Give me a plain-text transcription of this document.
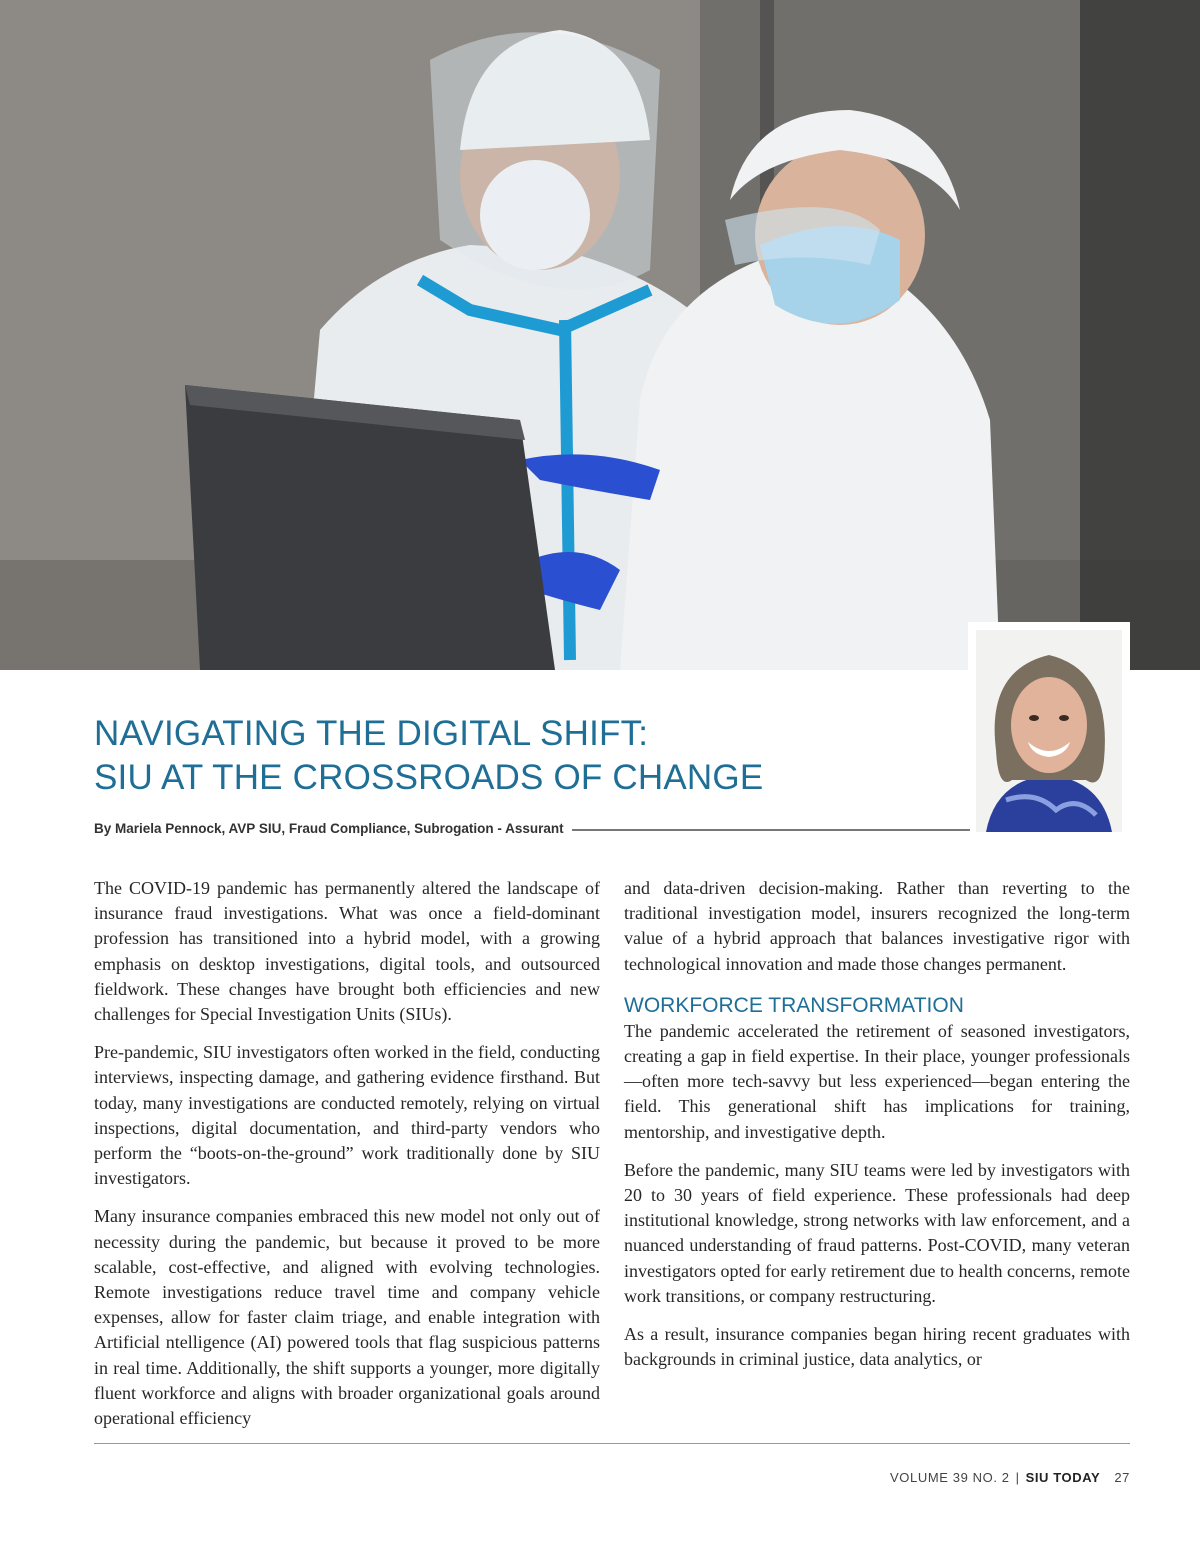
NAVIGATING THE DIGITAL SHIFT:
SIU AT THE CROSSROADS OF CHANGE
By Mariela Pennock, AVP SIU, Fraud Compliance, Subrogation - Assurant

The COVID-19 pandemic has permanently altered the landscape of insurance fraud investigations. What was once a field-dominant profession has transitioned into a hybrid model, with a growing emphasis on desktop investigations, digital tools, and outsourced fieldwork. These changes have brought both efficiencies and new challenges for Special Investigation Units (SIUs).

Pre-pandemic, SIU investigators often worked in the field, conducting interviews, inspecting damage, and gathering evidence firsthand. But today, many investigations are conducted remotely, relying on virtual inspections, digital documentation, and third-party vendors who perform the “boots-on-the-ground” work traditionally done by SIU investigators.

Many insurance companies embraced this new model not only out of necessity during the pandemic, but because it proved to be more scalable, cost-effective, and aligned with evolving technologies. Remote investigations reduce travel time and company vehicle expenses, allow for faster claim triage, and enable integration with Artificial ntelligence (AI) powered tools that flag suspicious patterns in real time. Additionally, the shift supports a younger, more digitally fluent workforce and aligns with broader organizational goals around operational efficiency

and data-driven decision-making. Rather than reverting to the traditional investigation model, insurers recognized the long-term value of a hybrid approach that balances investigative rigor with technological innovation and made those changes permanent.

WORKFORCE TRANSFORMATION

The pandemic accelerated the retirement of seasoned investigators, creating a gap in field expertise. In their place, younger professionals—often more tech-savvy but less experienced—began entering the field. This generational shift has implications for training, mentorship, and investigative depth.

Before the pandemic, many SIU teams were led by investigators with 20 to 30 years of field experience. These professionals had deep institutional knowledge, strong networks with law enforcement, and a nuanced understanding of fraud patterns. Post-COVID, many veteran investigators opted for early retirement due to health concerns, remote work transitions, or company restructuring.

As a result, insurance companies began hiring recent graduates with backgrounds in criminal justice, data analytics, or

VOLUME 39 NO. 2 | SIU TODAY 27
